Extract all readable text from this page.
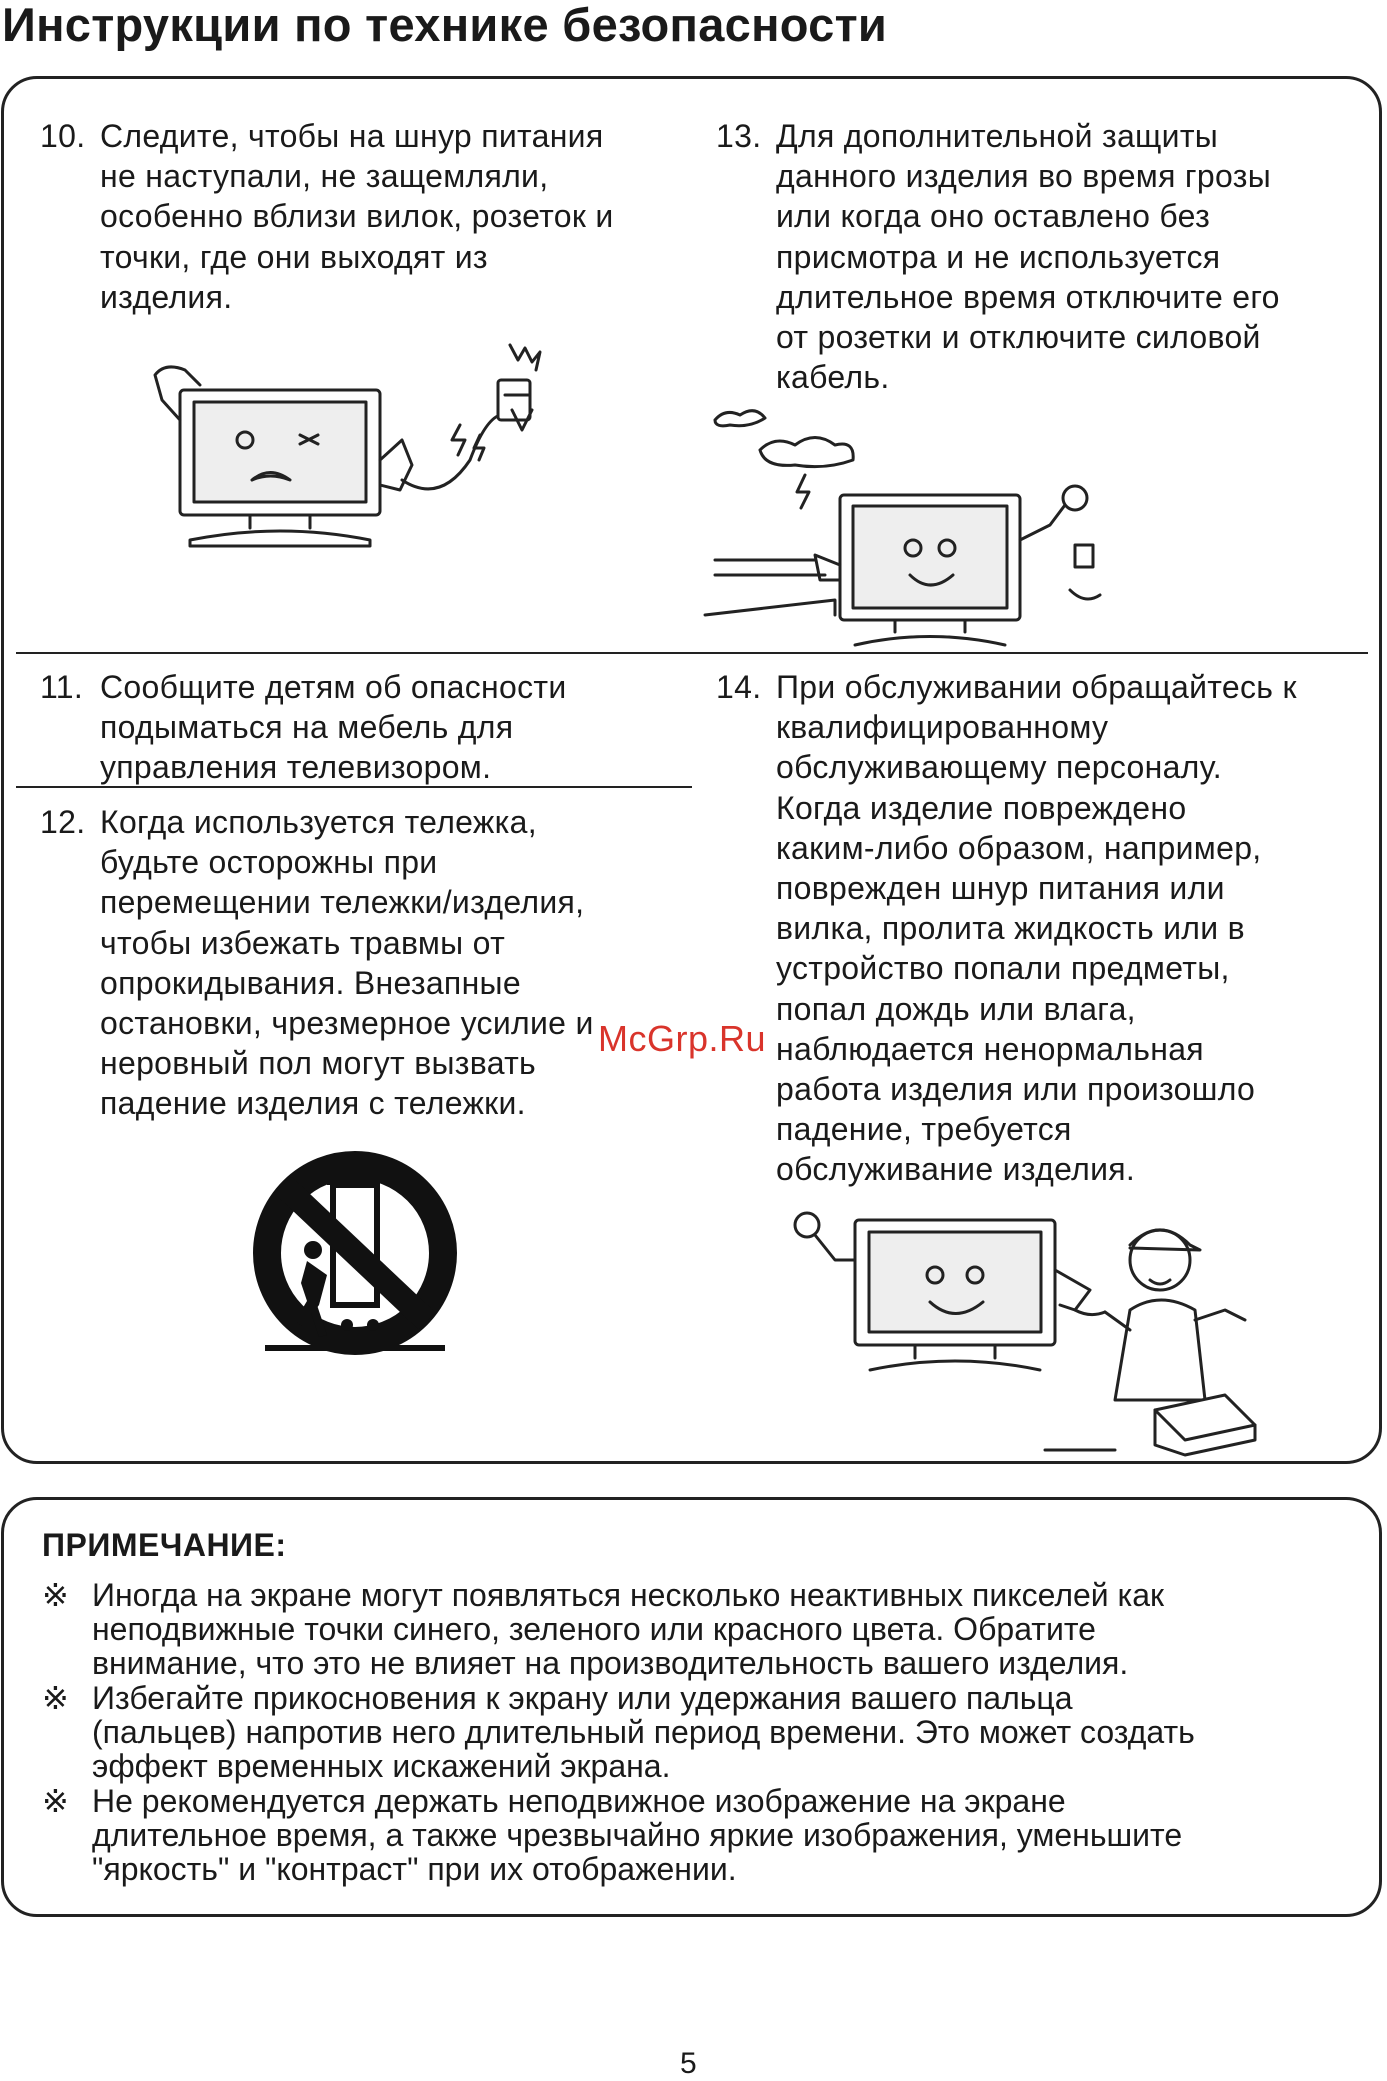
Инструкции по технике безопасности
10. Следите, чтобы на шнур питания
не наступали, не защемляли,
особенно вблизи вилок, розеток и
точки, где они выходят из
изделия.
13. Для дополнительной защиты
данного изделия во время грозы
или когда оно оставлено без
присмотра и не используется
длительное время отключите его
от розетки и отключите силовой
кабель.
11. Сообщите детям об опасности
подыматься на мебель для
управления телевизором.
12. Когда используется тележка,
будьте осторожны при
перемещении тележки/изделия,
чтобы избежать травмы от
опрокидывания. Внезапные
остановки, чрезмерное усилие и
неровный пол могут вызвать
падение изделия с тележки.
14. При обслуживании обращайтесь к
квалифицированному
обслуживающему персоналу.
Когда изделие повреждено
каким-либо образом, например,
поврежден шнур питания или
вилка, пролита жидкость или в
устройство попали предметы,
попал дождь или влага,
наблюдается ненормальная
работа изделия или произошло
падение, требуется
обслуживание изделия.
ПРИМЕЧАНИЕ:
※ Иногда на экране могут появляться несколько неактивных пикселей как
неподвижные точки синего, зеленого или красного цвета. Обратите
внимание, что это не влияет на производительность вашего изделия.
※ Избегайте прикосновения к экрану или удержания вашего пальца
(пальцев) напротив него длительный период времени. Это может создать
эффект временных искажений экрана.
※ Не рекомендуется держать неподвижное изображение на экране
длительное время, а также чрезвычайно яркие изображения, уменьшите
"яркость" и "контраст" при их отображении.
McGrp.Ru
5
